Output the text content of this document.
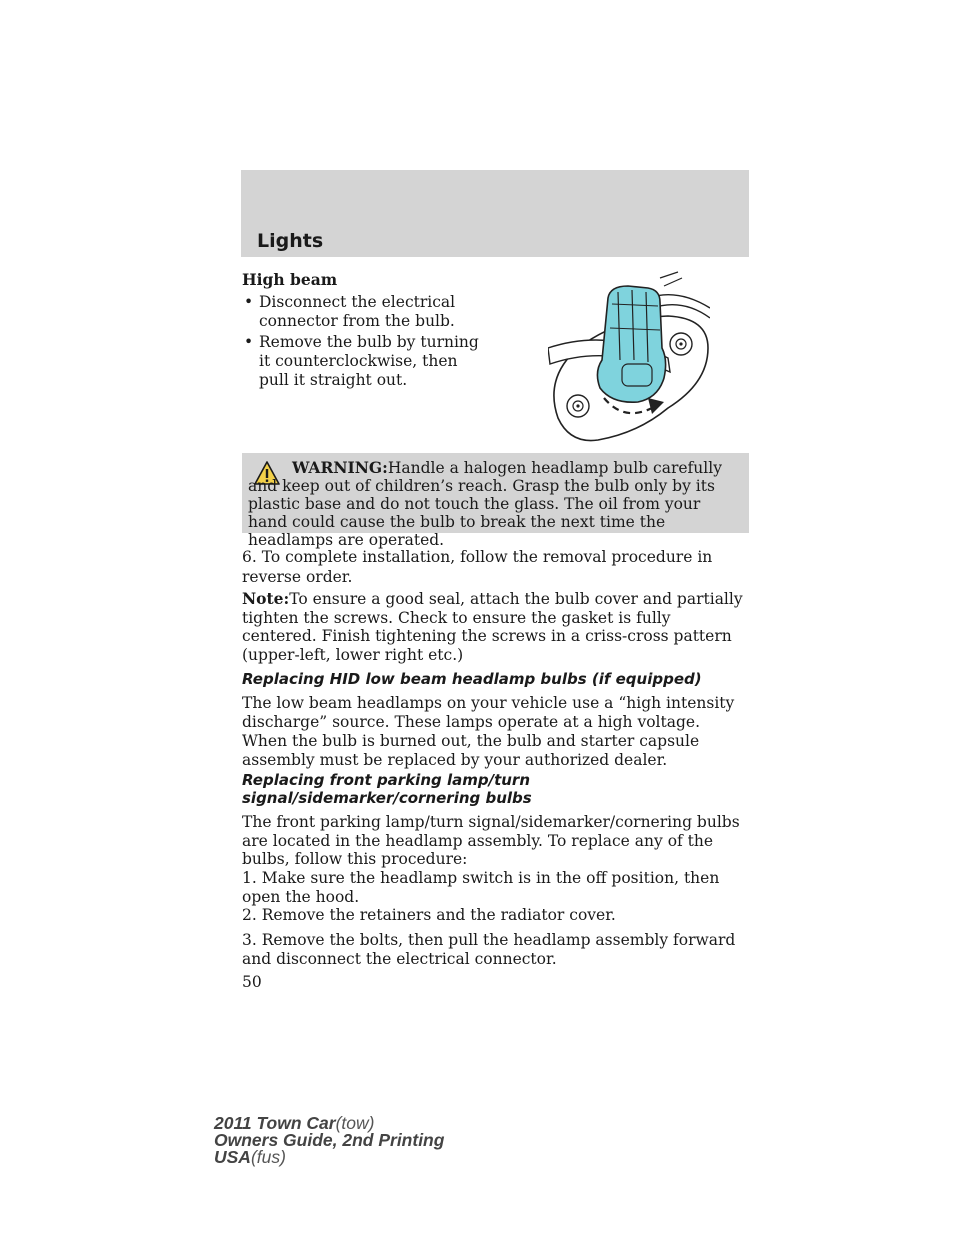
Lights
High beam
• Disconnect the electrical connector from the bulb.
• Remove the bulb by turning it counterclockwise, then pull it straight out.
WARNING:Handle a halogen headlamp bulb carefully and keep out of children’s reach. Grasp the bulb only by its plastic base and do not touch the glass. The oil from your hand could cause the bulb to break the next time the headlamps are operated.
6. To complete installation, follow the removal procedure in reverse order.
Note:To ensure a good seal, attach the bulb cover and partially tighten the screws. Check to ensure the gasket is fully centered. Finish tightening the screws in a criss-cross pattern (upper-left, lower right etc.)
Replacing HID low beam headlamp bulbs (if equipped)
The low beam headlamps on your vehicle use a “high intensity discharge” source. These lamps operate at a high voltage. When the bulb is burned out, the bulb and starter capsule assembly must be replaced by your authorized dealer.
Replacing front parking lamp/turn signal/sidemarker/cornering bulbs
The front parking lamp/turn signal/sidemarker/cornering bulbs are located in the headlamp assembly. To replace any of the bulbs, follow this procedure:
1. Make sure the headlamp switch is in the off position, then open the hood.
2. Remove the retainers and the radiator cover.
3. Remove the bolts, then pull the headlamp assembly forward and disconnect the electrical connector.
50
2011 Town Car(tow)
Owners Guide, 2nd Printing
USA(fus)
